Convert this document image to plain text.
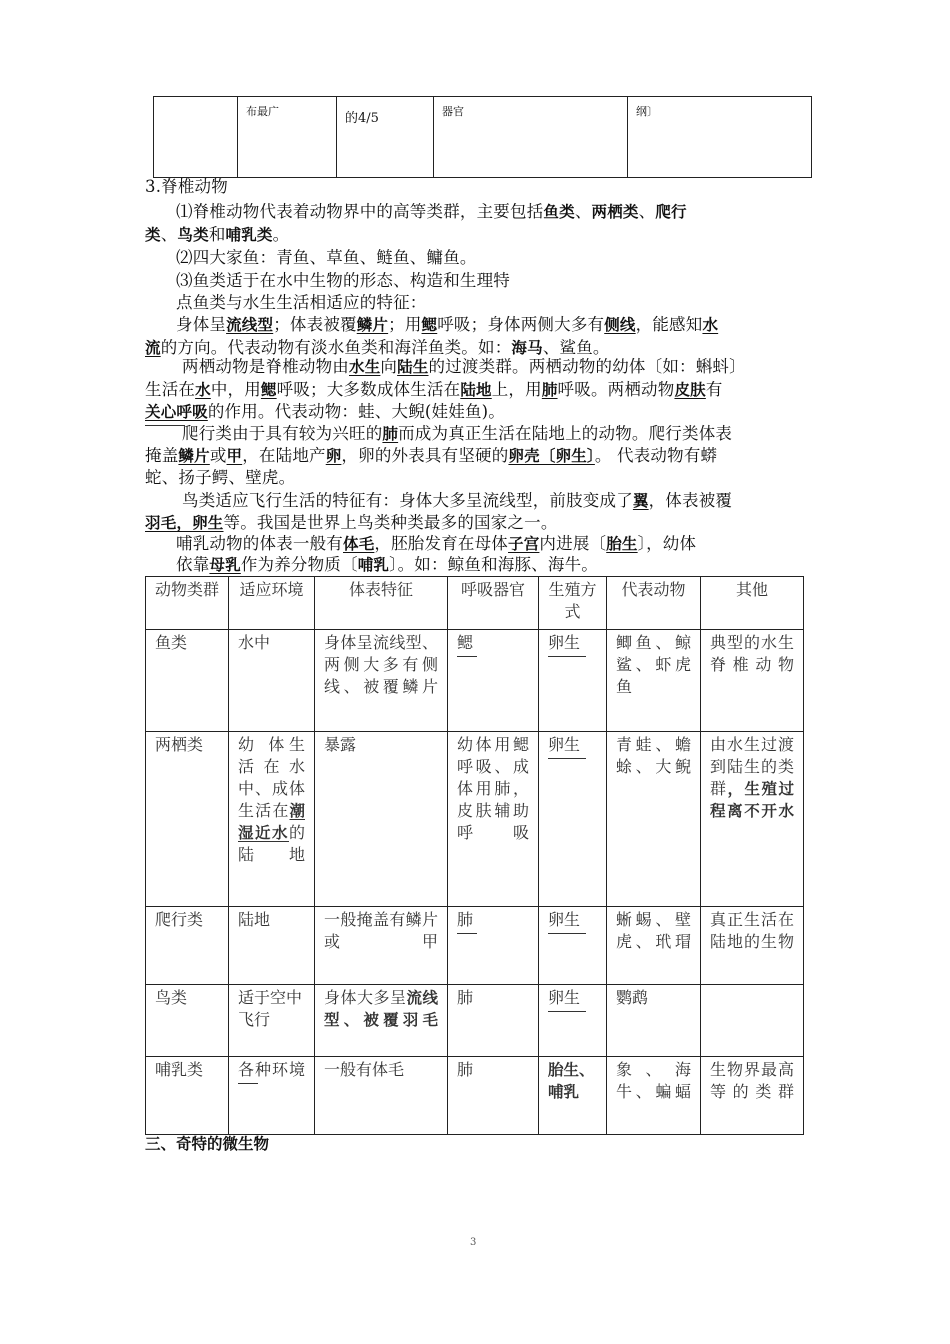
	布最广	的4/5	器官	纲〕
3.脊椎动物
⑴脊椎动物代表着动物界中的高等类群，主要包括鱼类、两栖类、爬行
类、鸟类和哺乳类。
⑵四大家鱼：青鱼、草鱼、鲢鱼、鳙鱼。
⑶鱼类适于在水中生物的形态、构造和生理特
点鱼类与水生生活相适应的特征：
身体呈流线型；体表被覆鳞片；用鳃呼吸；身体两侧大多有侧线，能感知水
流的方向。代表动物有淡水鱼类和海洋鱼类。如：海马、鲨鱼。
两栖动物是脊椎动物由水生向陆生的过渡类群。两栖动物的幼体〔如：蝌蚪〕
生活在水中，用鳃呼吸；大多数成体生活在陆地上，用肺呼吸。两栖动物皮肤有
关心呼吸的作用。代表动物：蛙、大鲵(娃娃鱼)。
爬行类由于具有较为兴旺的肺而成为真正生活在陆地上的动物。爬行类体表
掩盖鳞片或甲，在陆地产卵，卵的外表具有坚硬的卵壳〔卵生〕。 代表动物有蟒
蛇、扬子鳄、壁虎。
鸟类适应飞行生活的特征有：身体大多呈流线型，前肢变成了翼，体表被覆
羽毛，卵生等。我国是世界上鸟类种类最多的国家之一。
哺乳动物的体表一般有体毛，胚胎发育在母体子宫内进展〔胎生〕，幼体
依靠母乳作为养分物质〔哺乳〕。如：鲸鱼和海豚、海牛。
动物类群	适应环境	体表特征	呼吸器官	生殖方式	代表动物	其他
鱼类	水中	身体呈流线型、两侧大多有侧线、被覆鳞片	鳃	卵生	鲫鱼、鲸鲨、虾虎鱼	典型的水生脊椎动物
两栖类	幼 体生活在水中、成体生活在潮湿近水的陆地	暴露	幼体用鳃呼吸、成体用肺，皮肤辅助呼吸	卵生	青蛙、蟾蜍、大鲵	由水生过渡到陆生的类群，生殖过程离不开水
爬行类	陆地	一般掩盖有鳞片或甲	肺	卵生	蜥蜴、壁虎、玳瑁	真正生活在陆地的生物
鸟类	适于空中飞行	身体大多呈流线型、被覆羽毛	肺	卵生	鹦鹉	
哺乳类	各种环境	一般有体毛	肺	胎生、哺乳	象、海牛、蝙蝠	生物界最高等的类群
三、奇特的微生物
3
